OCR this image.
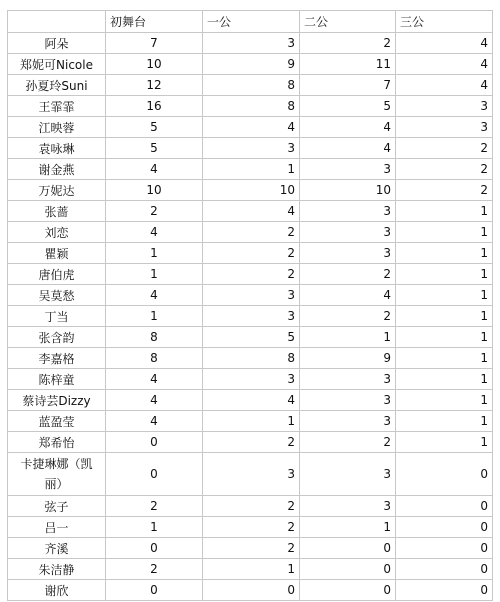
	初舞台	一公	二公	三公
阿朵	7	3	2	4
郑妮可Nicole	10	9	11	4
孙夏玲Suni	12	8	7	4
王霏霏	16	8	5	3
江映蓉	5	4	4	3
袁咏琳	5	3	4	2
谢金燕	4	1	3	2
万妮达	10	10	10	2
张蔷	2	4	3	1
刘恋	4	2	3	1
瞿颖	1	2	3	1
唐伯虎	1	2	2	1
吴莫愁	4	3	4	1
丁当	1	3	2	1
张含韵	8	5	1	1
李嘉格	8	8	9	1
陈梓童	4	3	3	1
蔡诗芸Dizzy	4	4	3	1
蓝盈莹	4	1	3	1
郑希怡	0	2	2	1
卡捷琳娜（凯丽）	0	3	3	0
弦子	2	2	3	0
吕一	1	2	1	0
齐溪	0	2	0	0
朱洁静	2	1	0	0
谢欣	0	0	0	0
